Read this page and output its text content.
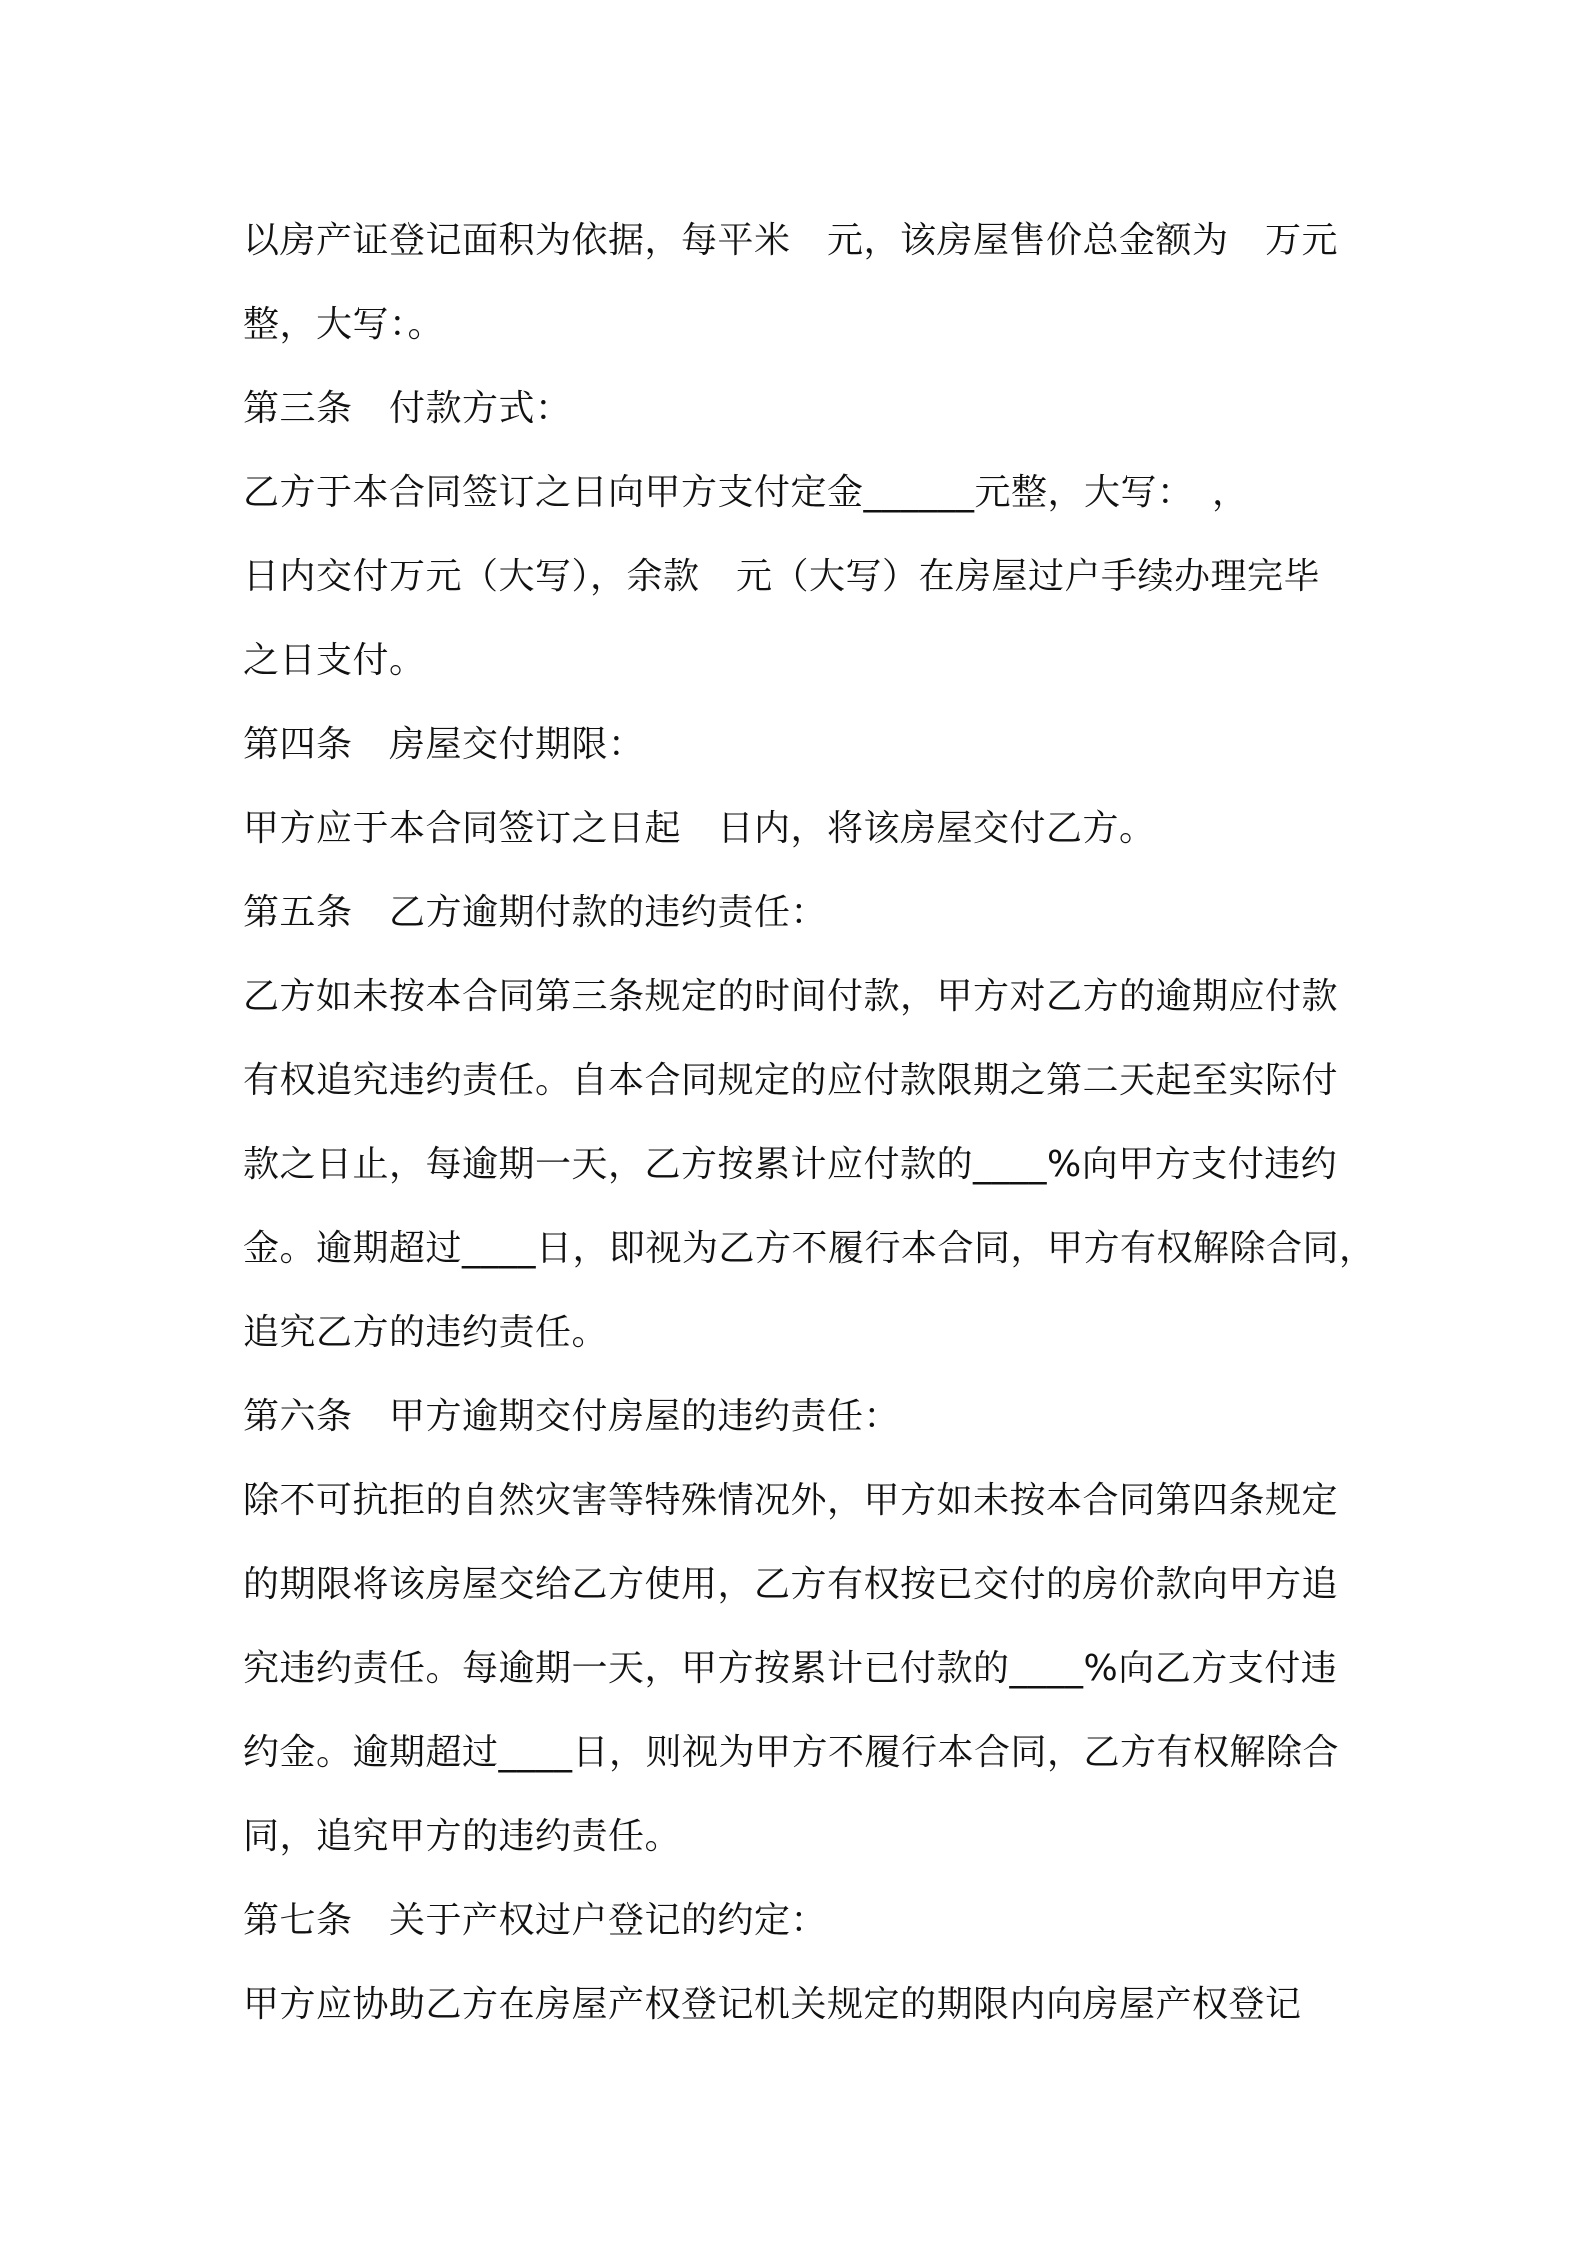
以房产证登记面积为依据，每平米　元，该房屋售价总金额为　万元
整，大写：。
第三条　付款方式：
乙方于本合同签订之日向甲方支付定金______元整，大写：　，
日内交付万元（大写），余款　元（大写）在房屋过户手续办理完毕
之日支付。
第四条　房屋交付期限：
甲方应于本合同签订之日起　日内，将该房屋交付乙方。
第五条　乙方逾期付款的违约责任：
乙方如未按本合同第三条规定的时间付款，甲方对乙方的逾期应付款
有权追究违约责任。自本合同规定的应付款限期之第二天起至实际付
款之日止，每逾期一天，乙方按累计应付款的____%向甲方支付违约
金。逾期超过____日，即视为乙方不履行本合同，甲方有权解除合同，
追究乙方的违约责任。
第六条　甲方逾期交付房屋的违约责任：
除不可抗拒的自然灾害等特殊情况外，甲方如未按本合同第四条规定
的期限将该房屋交给乙方使用，乙方有权按已交付的房价款向甲方追
究违约责任。每逾期一天，甲方按累计已付款的____%向乙方支付违
约金。逾期超过____日，则视为甲方不履行本合同，乙方有权解除合
同，追究甲方的违约责任。
第七条　关于产权过户登记的约定：
甲方应协助乙方在房屋产权登记机关规定的期限内向房屋产权登记
